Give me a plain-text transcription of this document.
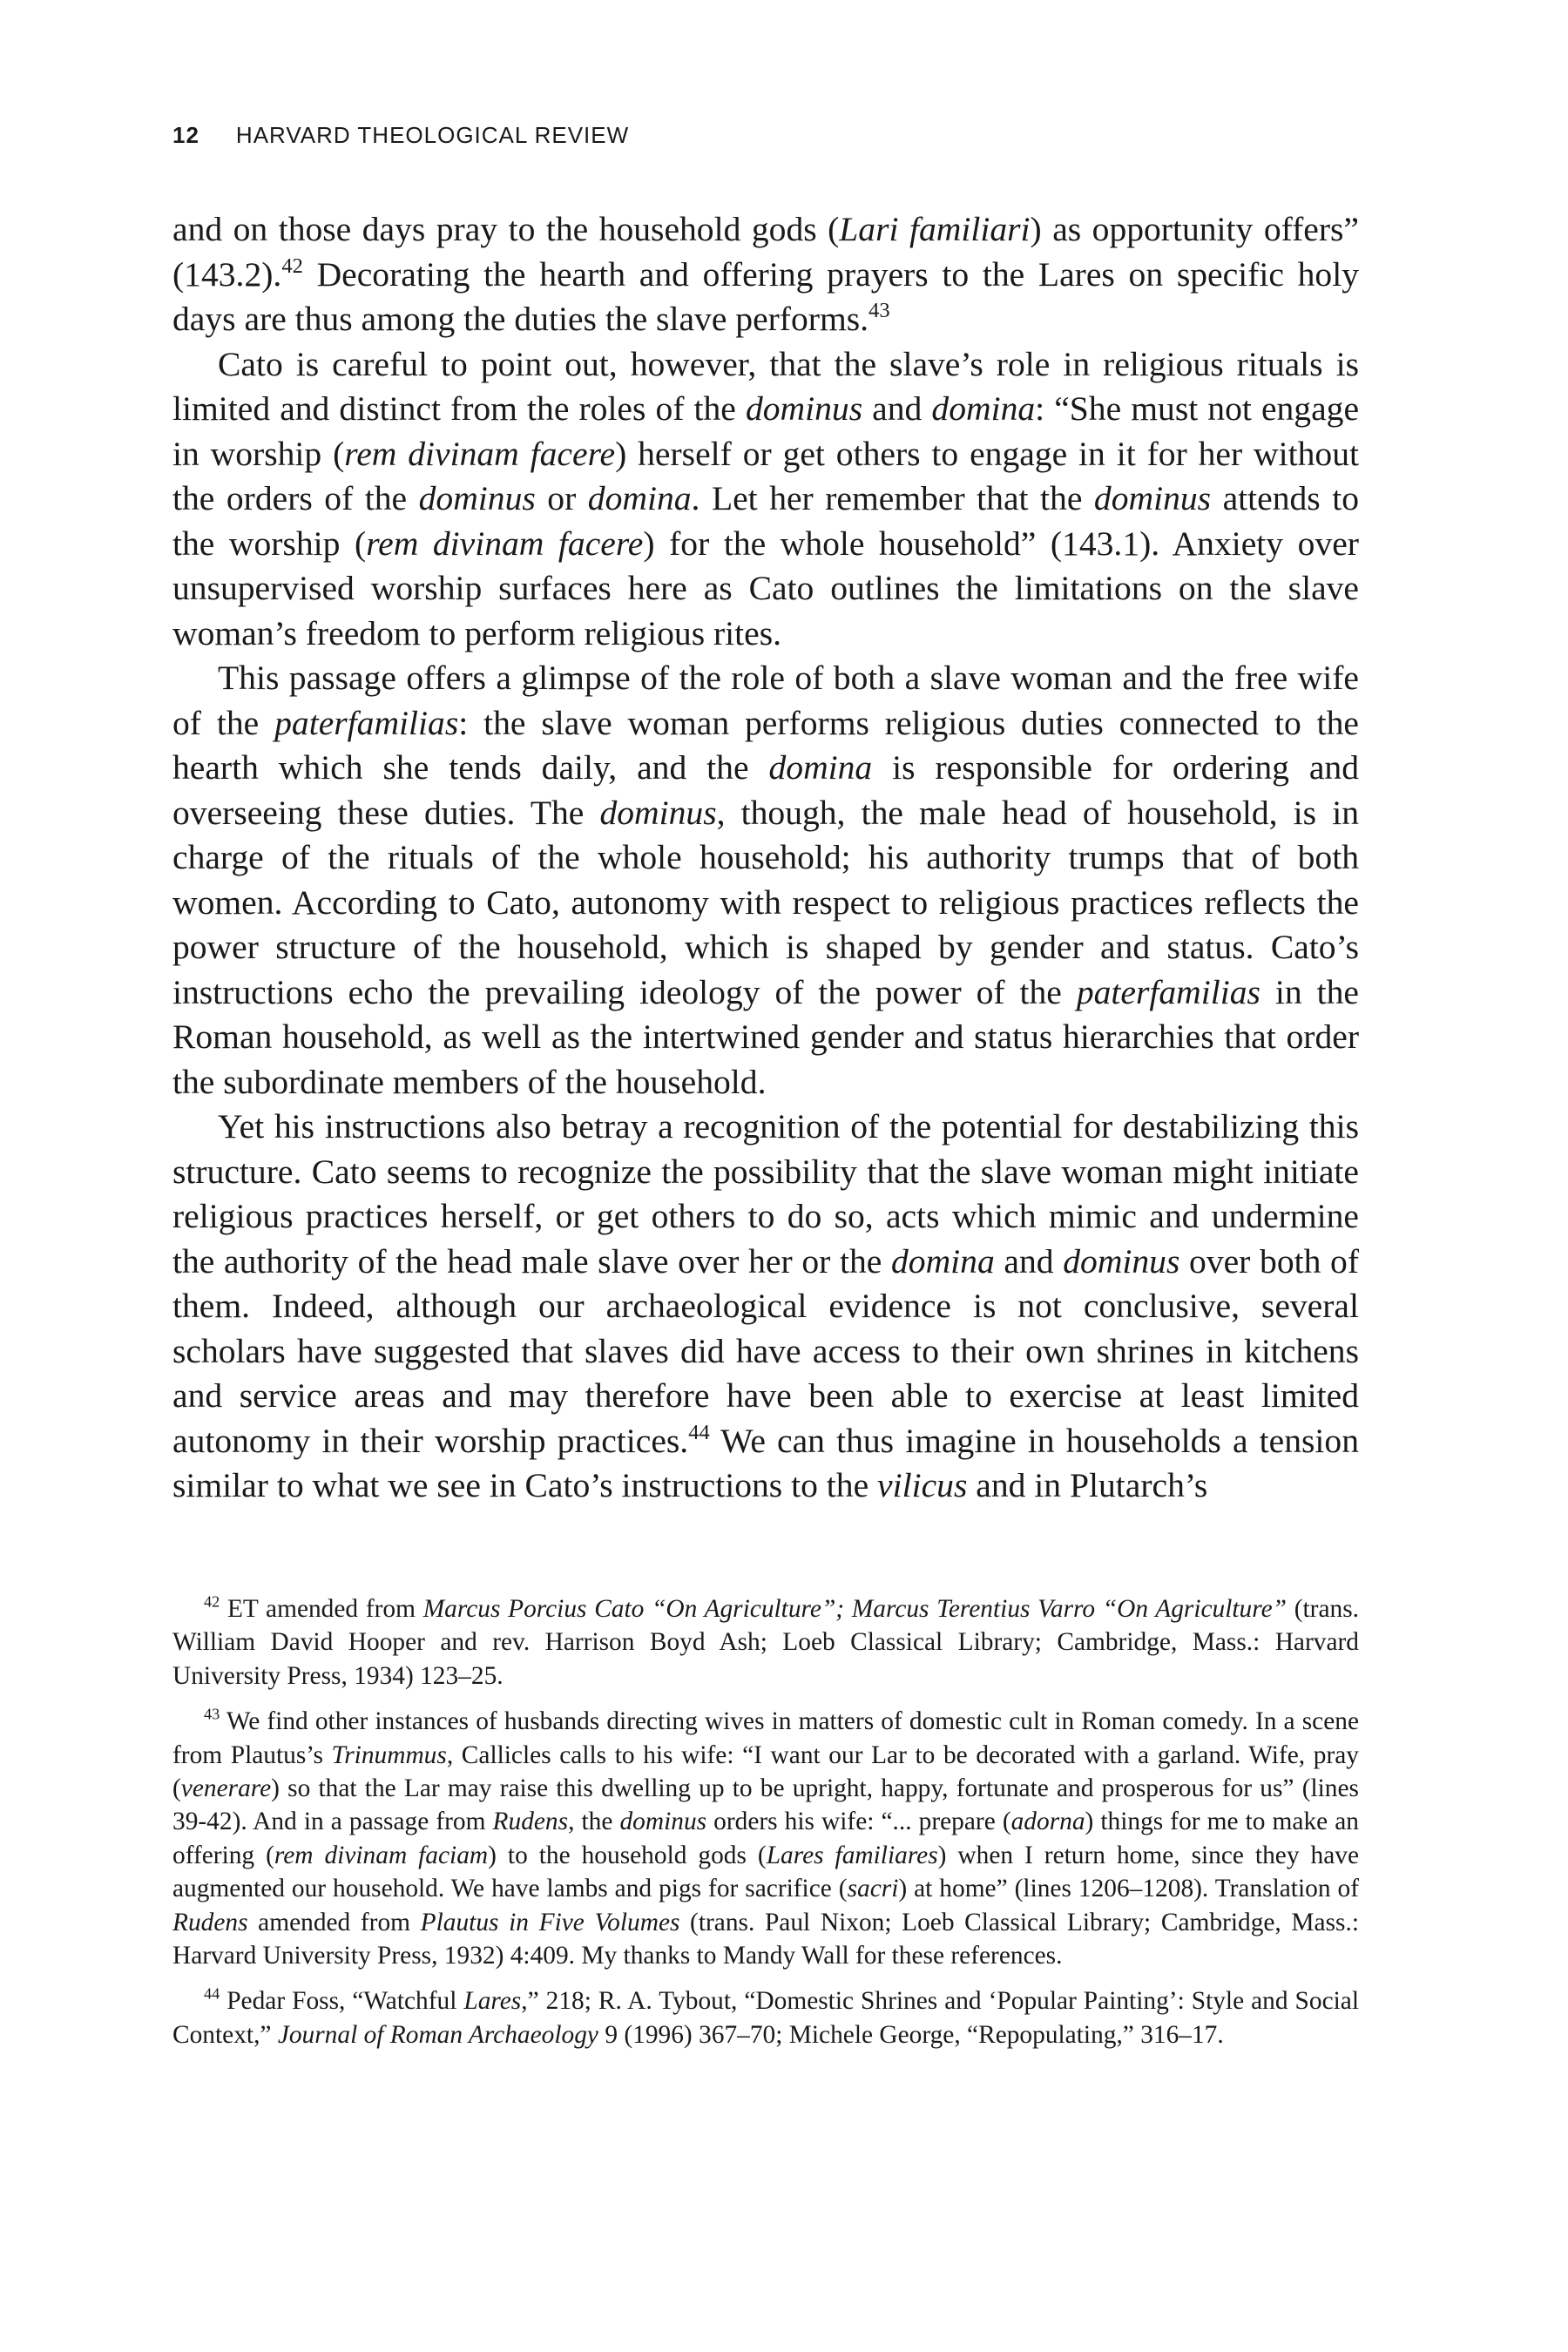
12 HARVARD THEOLOGICAL REVIEW

and on those days pray to the household gods (Lari familiari) as opportunity offers” (143.2).$^{42}$ Decorating the hearth and offering prayers to the Lares on specific holy days are thus among the duties the slave performs.$^{43}$

Cato is careful to point out, however, that the slave’s role in religious rituals is limited and distinct from the roles of the dominus and domina: “She must not engage in worship (rem divinam facere) herself or get others to engage in it for her without the orders of the dominus or domina. Let her remember that the dominus attends to the worship (rem divinam facere) for the whole household” (143.1). Anxiety over unsupervised worship surfaces here as Cato outlines the limitations on the slave woman’s freedom to perform religious rites.

This passage offers a glimpse of the role of both a slave woman and the free wife of the paterfamilias: the slave woman performs religious duties connected to the hearth which she tends daily, and the domina is responsible for ordering and overseeing these duties. The dominus, though, the male head of household, is in charge of the rituals of the whole household; his authority trumps that of both women. According to Cato, autonomy with respect to religious practices reflects the power structure of the household, which is shaped by gender and status. Cato’s instructions echo the prevailing ideology of the power of the paterfamilias in the Roman household, as well as the intertwined gender and status hierarchies that order the subordinate members of the household.

Yet his instructions also betray a recognition of the potential for destabilizing this structure. Cato seems to recognize the possibility that the slave woman might initiate religious practices herself, or get others to do so, acts which mimic and undermine the authority of the head male slave over her or the domina and dominus over both of them. Indeed, although our archaeological evidence is not conclusive, several scholars have suggested that slaves did have access to their own shrines in kitchens and service areas and may therefore have been able to exercise at least limited autonomy in their worship practices.$^{44}$ We can thus imagine in households a tension similar to what we see in Cato’s instructions to the vilicus and in Plutarch’s

$^{42}$ ET amended from Marcus Porcius Cato “On Agriculture”; Marcus Terentius Varro “On Agriculture” (trans. William David Hooper and rev. Harrison Boyd Ash; Loeb Classical Library; Cambridge, Mass.: Harvard University Press, 1934) 123–25.

$^{43}$ We find other instances of husbands directing wives in matters of domestic cult in Roman comedy. In a scene from Plautus’s Trinummus, Callicles calls to his wife: “I want our Lar to be decorated with a garland. Wife, pray (venerare) so that the Lar may raise this dwelling up to be upright, happy, fortunate and prosperous for us” (lines 39-42). And in a passage from Rudens, the dominus orders his wife: “... prepare (adorna) things for me to make an offering (rem divinam faciam) to the household gods (Lares familiares) when I return home, since they have augmented our household. We have lambs and pigs for sacrifice (sacri) at home” (lines 1206–1208). Translation of Rudens amended from Plautus in Five Volumes (trans. Paul Nixon; Loeb Classical Library; Cambridge, Mass.: Harvard University Press, 1932) 4:409. My thanks to Mandy Wall for these references.

$^{44}$ Pedar Foss, “Watchful Lares,” 218; R. A. Tybout, “Domestic Shrines and ‘Popular Painting’: Style and Social Context,” Journal of Roman Archaeology 9 (1996) 367–70; Michele George, “Repopulating,” 316–17.
